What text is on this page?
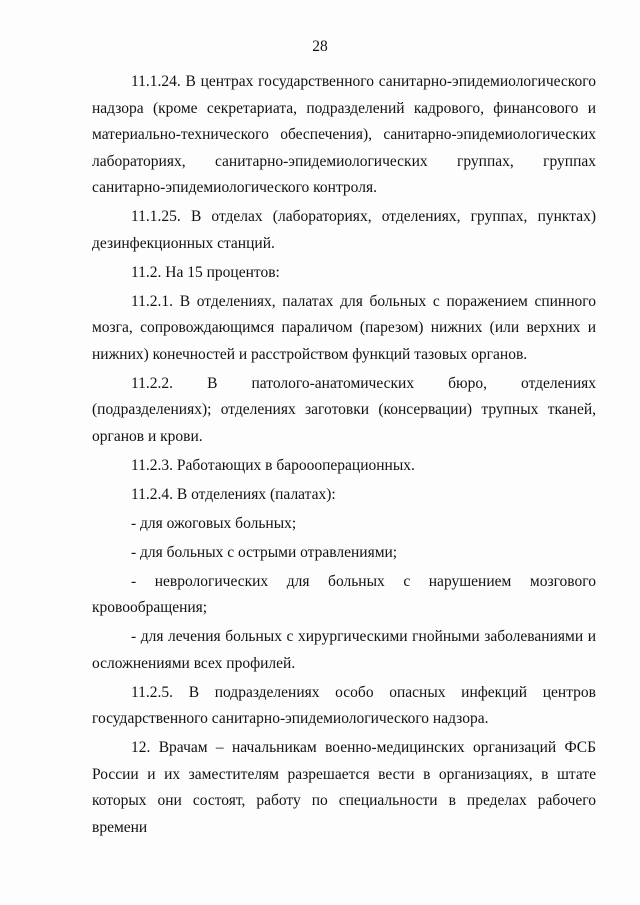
28

11.1.24. В центрах государственного санитарно-эпидемиологического надзора (кроме секретариата, подразделений кадрового, финансового и материально-технического обеспечения), санитарно-эпидемиологических лабораториях, санитарно-эпидемиологических группах, группах санитарно-эпидемиологического контроля.

11.1.25. В отделах (лабораториях, отделениях, группах, пунктах) дезинфекционных станций.

11.2. На 15 процентов:

11.2.1. В отделениях, палатах для больных с поражением спинного мозга, сопровождающимся параличом (парезом) нижних (или верхних и нижних) конечностей и расстройством функций тазовых органов.

11.2.2. В патолого-анатомических бюро, отделениях (подразделениях); отделениях заготовки (консервации) трупных тканей, органов и крови.

11.2.3. Работающих в бароооперационных.

11.2.4. В отделениях (палатах):

- для ожоговых больных;

- для больных с острыми отравлениями;

- неврологических для больных с нарушением мозгового кровообращения;

- для лечения больных с хирургическими гнойными заболеваниями и осложнениями всех профилей.

11.2.5. В подразделениях особо опасных инфекций центров государственного санитарно-эпидемиологического надзора.

12. Врачам – начальникам военно-медицинских организаций ФСБ России и их заместителям разрешается вести в организациях, в штате которых они состоят, работу по специальности в пределах рабочего времени
